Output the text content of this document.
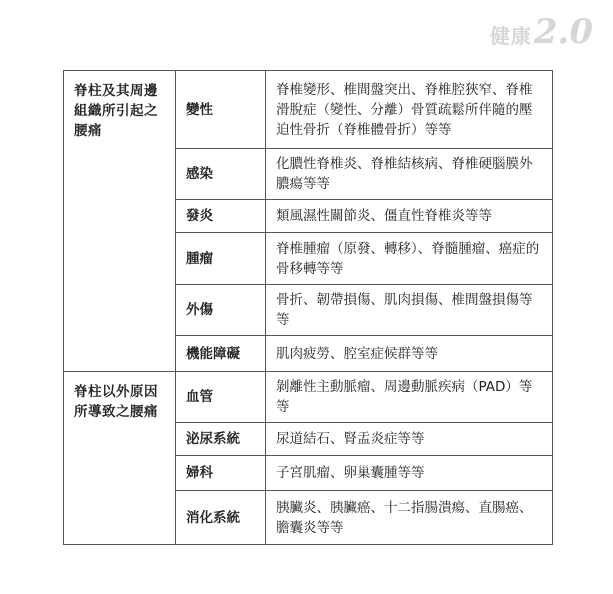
健康 2.0
脊柱及其周邊組織所引起之腰痛	變性	脊椎變形、椎間盤突出、脊椎腔狹窄、脊椎滑脫症（變性、分離）骨質疏鬆所伴隨的壓迫性骨折（脊椎體骨折）等等
	感染	化膿性脊椎炎、脊椎結核病、脊椎硬腦膜外膿瘍等等
	發炎	類風濕性關節炎、僵直性脊椎炎等等
	腫瘤	脊椎腫瘤（原發、轉移）、脊髓腫瘤、癌症的骨移轉等等
	外傷	骨折、韌帶損傷、肌肉損傷、椎間盤損傷等等
	機能障礙	肌肉疲勞、腔室症候群等等
脊柱以外原因所導致之腰痛	血管	剝離性主動脈瘤、周邊動脈疾病（PAD）等等
	泌尿系統	尿道結石、腎盂炎症等等
	婦科	子宮肌瘤、卵巢囊腫等等
	消化系統	胰臟炎、胰臟癌、十二指腸潰瘍、直腸癌、膽囊炎等等
